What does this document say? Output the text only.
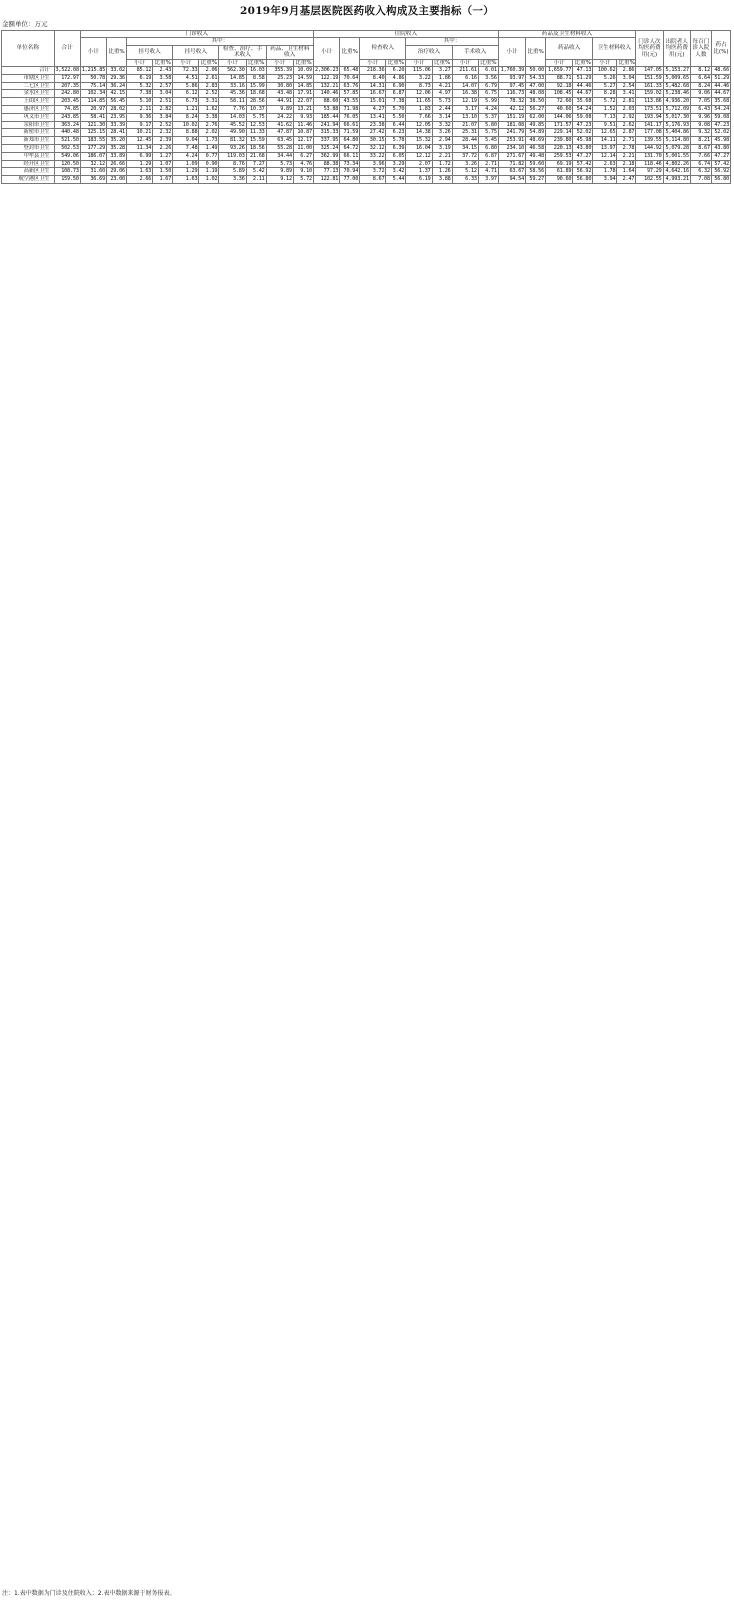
2019年9月基层医院医药收入构成及主要指标（一）
金额单位：万元
单位名称	合计	门诊收入										住院收入								药品及卫生材料收入						门诊人次均医药费用(元)	出院者人均医药费用(元)	每百门诊入院人数	药占比(%)
		小计	比重%	其中：								小计	比重%	检查收入		其中：				小计	比重%	药品收入		卫生材料收入					
				挂号收入		挂号收入		检查、治疗、手术收入		药品、卫生材料收入						治疗收入		手术收入											
				小计	比重%	小计	比重%	小计	比重%	小计	比重%			小计	比重%	小计	比重%	小计	比重%			小计	比重%	小计	比重%				
合计	3,522.08	1,215.85	33.02	85.12	2.43	72.33	2.06	562.30	16.03	355.39	10.09	2,306.23	65.48	218.36	6.20	115.06	3.27	211.61	6.01	1,760.39	50.00	1,659.77	47.13	100.62	2.86	147.05	5,153.27	8.12	48.66
市辖区卫生	172.97	50.78	29.36	6.19	3.58	4.51	2.61	14.85	8.58	25.23	14.59	122.19	70.64	8.40	4.86	3.22	1.86	6.16	3.56	93.97	54.33	88.71	51.29	5.26	3.04	151.59	5,009.65	6.64	51.29
二七区卫生	207.35	75.14	36.24	5.32	2.57	5.86	2.83	33.16	15.99	30.80	14.85	132.21	63.76	14.31	6.90	8.73	4.21	14.07	6.79	97.45	47.00	92.18	44.46	5.27	2.54	161.33	5,482.68	8.24	44.46
金水区卫生	242.80	102.34	42.15	7.38	3.04	6.12	2.52	45.36	18.68	43.48	17.91	140.46	57.85	16.67	6.87	12.06	4.97	16.38	6.75	116.73	48.08	108.45	44.67	8.28	3.41	159.02	5,238.46	9.06	44.67
上街区卫生	203.45	114.85	56.45	5.10	2.51	6.73	3.31	58.11	28.56	44.91	22.07	88.60	43.55	15.01	7.38	11.65	5.73	12.19	5.99	78.32	38.50	72.60	35.68	5.72	2.81	113.86	4,936.20	7.05	35.68
惠济区卫生	74.85	20.97	28.02	2.11	2.82	1.21	1.62	7.76	10.37	9.89	13.21	53.88	71.98	4.27	5.70	1.83	2.44	3.17	4.24	42.12	56.27	40.60	54.24	1.52	2.03	173.51	5,712.09	6.43	54.24
巩义市卫生	243.85	58.41	23.95	9.36	3.84	8.24	3.38	14.03	5.75	24.22	9.93	185.44	76.05	13.41	5.50	7.66	3.14	13.10	5.37	151.19	62.00	144.06	59.08	7.13	2.92	193.94	5,017.30	9.96	59.08
荥阳市卫生	363.24	121.30	33.39	9.17	2.52	10.02	2.76	45.52	12.53	41.62	11.46	241.94	66.61	23.38	6.44	12.05	3.32	21.07	5.80	181.08	49.85	171.57	47.23	9.51	2.62	141.17	5,176.93	9.08	47.23
新密市卫生	440.48	125.15	28.41	10.21	2.32	8.88	2.02	49.90	11.33	47.87	10.87	315.33	71.59	27.42	6.23	14.38	3.26	25.31	5.75	241.79	54.89	229.14	52.02	12.65	2.87	177.08	5,404.86	9.32	52.02
新郑市卫生	521.50	183.55	35.20	12.45	2.39	9.04	1.73	81.32	15.59	63.45	12.17	337.95	64.80	30.15	5.78	15.32	2.94	28.44	5.45	253.91	48.69	239.80	45.98	14.11	2.71	139.55	5,114.80	8.21	45.98
登封市卫生	502.53	177.29	35.28	11.34	2.26	7.48	1.49	93.26	18.56	55.28	11.00	325.24	64.72	32.12	6.39	16.04	3.19	34.15	6.80	234.10	46.58	220.13	43.80	13.97	2.78	144.92	5,079.28	8.67	43.80
中牟县卫生	549.06	186.07	33.89	6.99	1.27	4.24	0.77	119.03	21.68	34.44	6.27	362.99	66.11	33.22	6.05	12.12	2.21	37.72	6.87	271.67	49.48	259.53	47.27	12.14	2.21	131.70	5,001.55	7.66	47.27
经开区卫生	120.50	32.12	26.66	1.29	1.07	1.09	0.90	8.76	7.27	5.73	4.76	88.38	73.34	3.96	3.29	2.07	1.72	3.26	2.71	71.82	59.60	69.19	57.42	2.63	2.18	118.46	4,802.26	6.74	57.42
高新区卫生	108.73	31.60	29.06	1.63	1.50	1.29	1.19	5.89	5.42	9.89	9.10	77.13	70.94	3.72	3.42	1.37	1.26	5.12	4.71	63.67	58.56	61.89	56.92	1.78	1.64	97.29	4,642.16	6.32	56.92
航空港区卫生	159.50	36.69	23.00	2.66	1.67	1.63	1.02	3.36	2.11	9.12	5.72	122.81	77.00	8.67	5.44	6.19	3.88	6.33	3.97	94.54	59.27	90.60	56.80	3.94	2.47	102.55	4,993.21	7.08	56.80
注：1.表中数据为门诊及住院收入；2.表中数据来源于财务报表。
